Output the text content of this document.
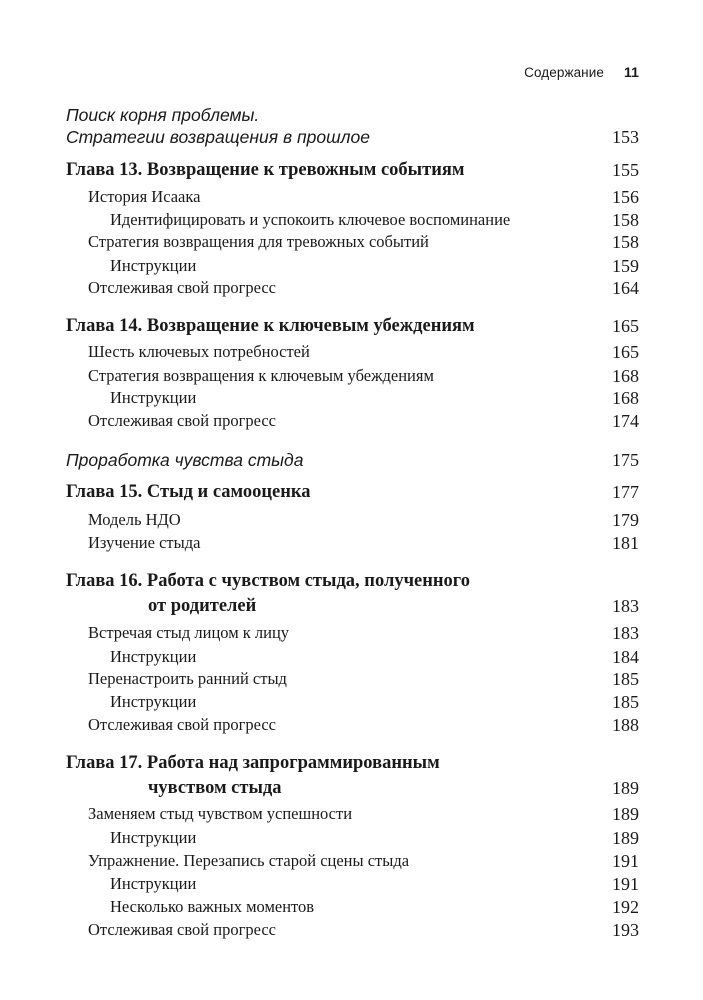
Содержание 11
Поиск корня проблемы.
Стратегии возвращения в прошлое	153
Глава 13. Возвращение к тревожным событиям	155
История Исаака	156
Идентифицировать и успокоить ключевое воспоминание	158
Стратегия возвращения для тревожных событий	158
Инструкции	159
Отслеживая свой прогресс	164
Глава 14. Возвращение к ключевым убеждениям	165
Шесть ключевых потребностей	165
Стратегия возвращения к ключевым убеждениям	168
Инструкции	168
Отслеживая свой прогресс	174
Проработка чувства стыда	175
Глава 15. Стыд и самооценка	177
Модель НДО	179
Изучение стыда	181
Глава 16. Работа с чувством стыда, полученного
от родителей	183
Встречая стыд лицом к лицу	183
Инструкции	184
Перенастроить ранний стыд	185
Инструкции	185
Отслеживая свой прогресс	188
Глава 17. Работа над запрограммированным
чувством стыда	189
Заменяем стыд чувством успешности	189
Инструкции	189
Упражнение. Перезапись старой сцены стыда	191
Инструкции	191
Несколько важных моментов	192
Отслеживая свой прогресс	193
